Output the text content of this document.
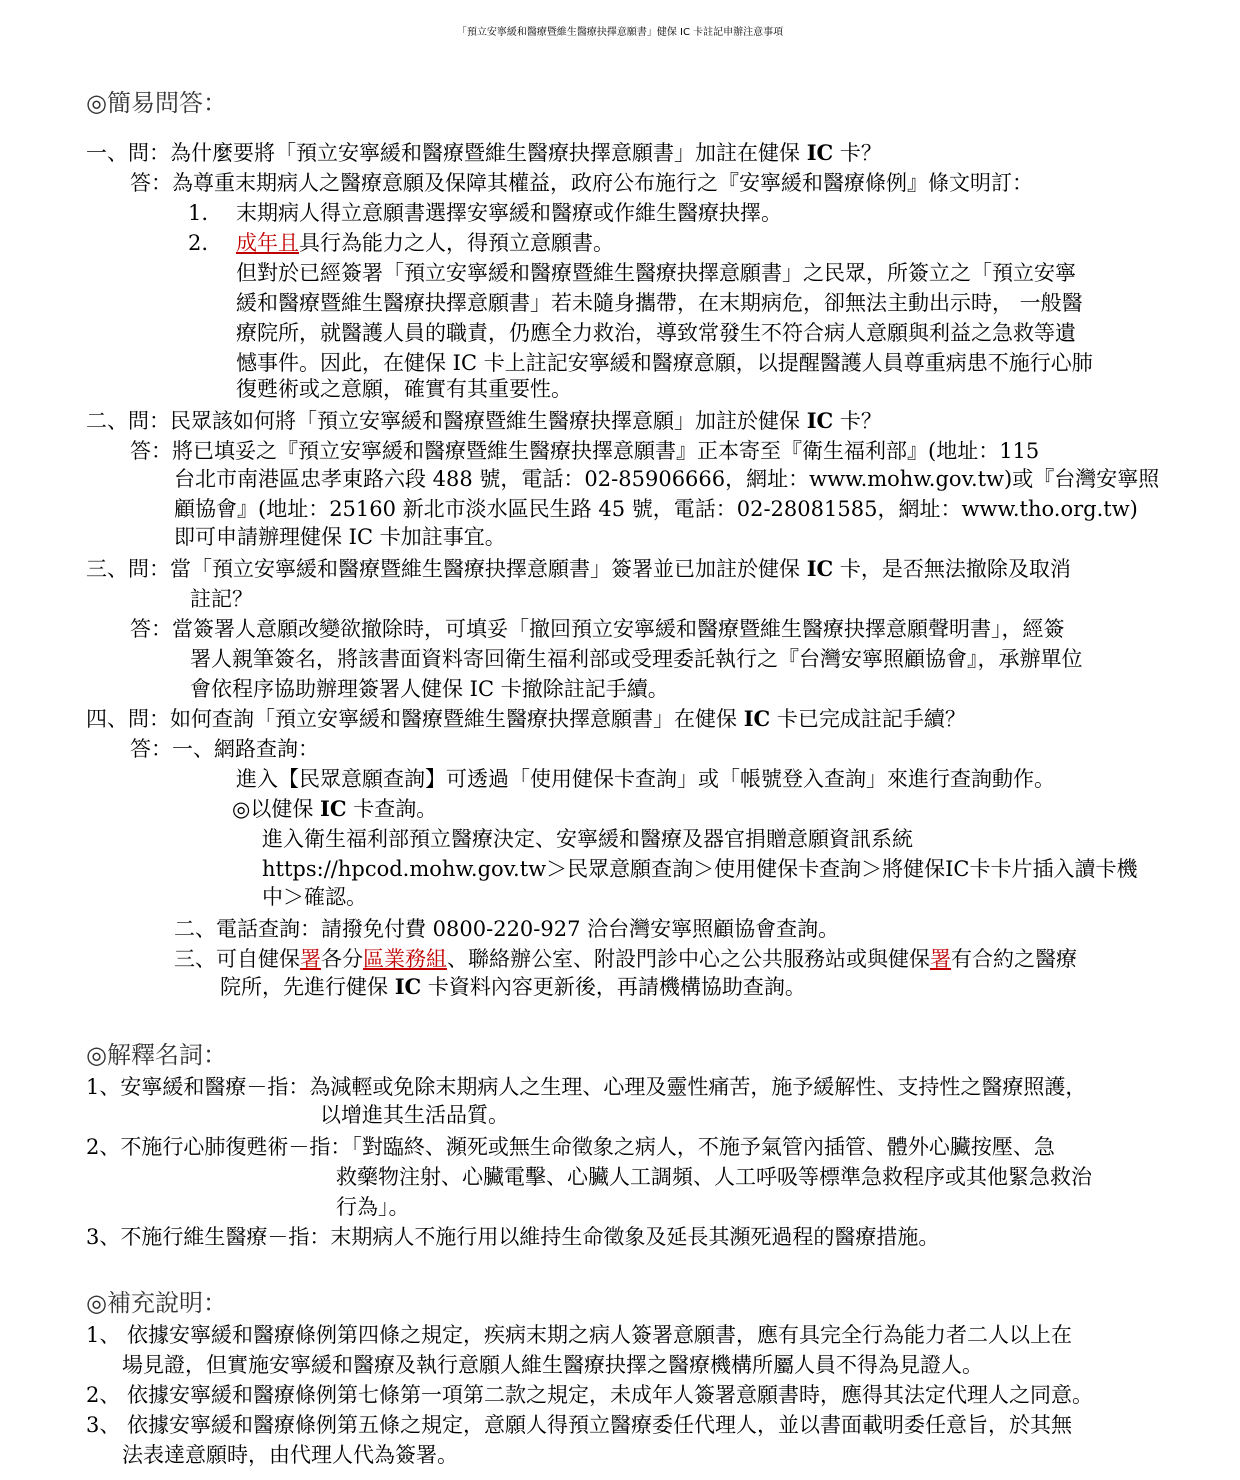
「預立安寧緩和醫療暨維生醫療抉擇意願書」健保 IC 卡註記申辦注意事項
◎簡易問答：
一、問：為什麼要將「預立安寧緩和醫療暨維生醫療抉擇意願書」加註在健保 IC 卡？
答：為尊重末期病人之醫療意願及保障其權益，政府公布施行之『安寧緩和醫療條例』條文明訂：
1. 末期病人得立意願書選擇安寧緩和醫療或作維生醫療抉擇。
2. 成年且具行為能力之人，得預立意願書。
但對於已經簽署「預立安寧緩和醫療暨維生醫療抉擇意願書」之民眾，所簽立之「預立安寧
緩和醫療暨維生醫療抉擇意願書」若未隨身攜帶，在末期病危，卻無法主動出示時， 一般醫
療院所，就醫護人員的職責，仍應全力救治，導致常發生不符合病人意願與利益之急救等遺
憾事件。因此，在健保 IC 卡上註記安寧緩和醫療意願，以提醒醫護人員尊重病患不施行心肺
復甦術或之意願，確實有其重要性。
二、問：民眾該如何將「預立安寧緩和醫療暨維生醫療抉擇意願」加註於健保 IC 卡？
答：將已填妥之『預立安寧緩和醫療暨維生醫療抉擇意願書』正本寄至『衛生福利部』(地址：115
台北市南港區忠孝東路六段 488 號，電話：02-85906666，網址：www.mohw.gov.tw)或『台灣安寧照
顧協會』(地址：25160 新北市淡水區民生路 45 號，電話：02-28081585，網址：www.tho.org.tw)
即可申請辦理健保 IC 卡加註事宜。
三、問：當「預立安寧緩和醫療暨維生醫療抉擇意願書」簽署並已加註於健保 IC 卡，是否無法撤除及取消
註記？
答：當簽署人意願改變欲撤除時，可填妥「撤回預立安寧緩和醫療暨維生醫療抉擇意願聲明書」，經簽
署人親筆簽名，將該書面資料寄回衛生福利部或受理委託執行之『台灣安寧照顧協會』，承辦單位
會依程序協助辦理簽署人健保 IC 卡撤除註記手續。
四、問：如何查詢「預立安寧緩和醫療暨維生醫療抉擇意願書」在健保 IC 卡已完成註記手續？
答：一、網路查詢：
進入【民眾意願查詢】可透過「使用健保卡查詢」或「帳號登入查詢」來進行查詢動作。
◎以健保 IC 卡查詢。
進入衛生福利部預立醫療決定、安寧緩和醫療及器官捐贈意願資訊系統
https://hpcod.mohw.gov.tw＞民眾意願查詢＞使用健保卡查詢＞將健保IC卡卡片插入讀卡機
中＞確認。
二、電話查詢：請撥免付費 0800-220-927 洽台灣安寧照顧協會查詢。
三、可自健保署各分區業務組、聯絡辦公室、附設門診中心之公共服務站或與健保署有合約之醫療
院所，先進行健保 IC 卡資料內容更新後，再請機構協助查詢。
◎解釋名詞：
1、安寧緩和醫療－指：為減輕或免除末期病人之生理、心理及靈性痛苦，施予緩解性、支持性之醫療照護，
以增進其生活品質。
2、不施行心肺復甦術－指：「對臨終、瀕死或無生命徵象之病人，不施予氣管內插管、體外心臟按壓、急
救藥物注射、心臟電擊、心臟人工調頻、人工呼吸等標準急救程序或其他緊急救治
行為」。
3、不施行維生醫療－指：末期病人不施行用以維持生命徵象及延長其瀕死過程的醫療措施。
◎補充說明：
1、 依據安寧緩和醫療條例第四條之規定，疾病末期之病人簽署意願書，應有具完全行為能力者二人以上在
場見證，但實施安寧緩和醫療及執行意願人維生醫療抉擇之醫療機構所屬人員不得為見證人。
2、 依據安寧緩和醫療條例第七條第一項第二款之規定，未成年人簽署意願書時，應得其法定代理人之同意。
3、 依據安寧緩和醫療條例第五條之規定，意願人得預立醫療委任代理人，並以書面載明委任意旨，於其無
法表達意願時，由代理人代為簽署。
